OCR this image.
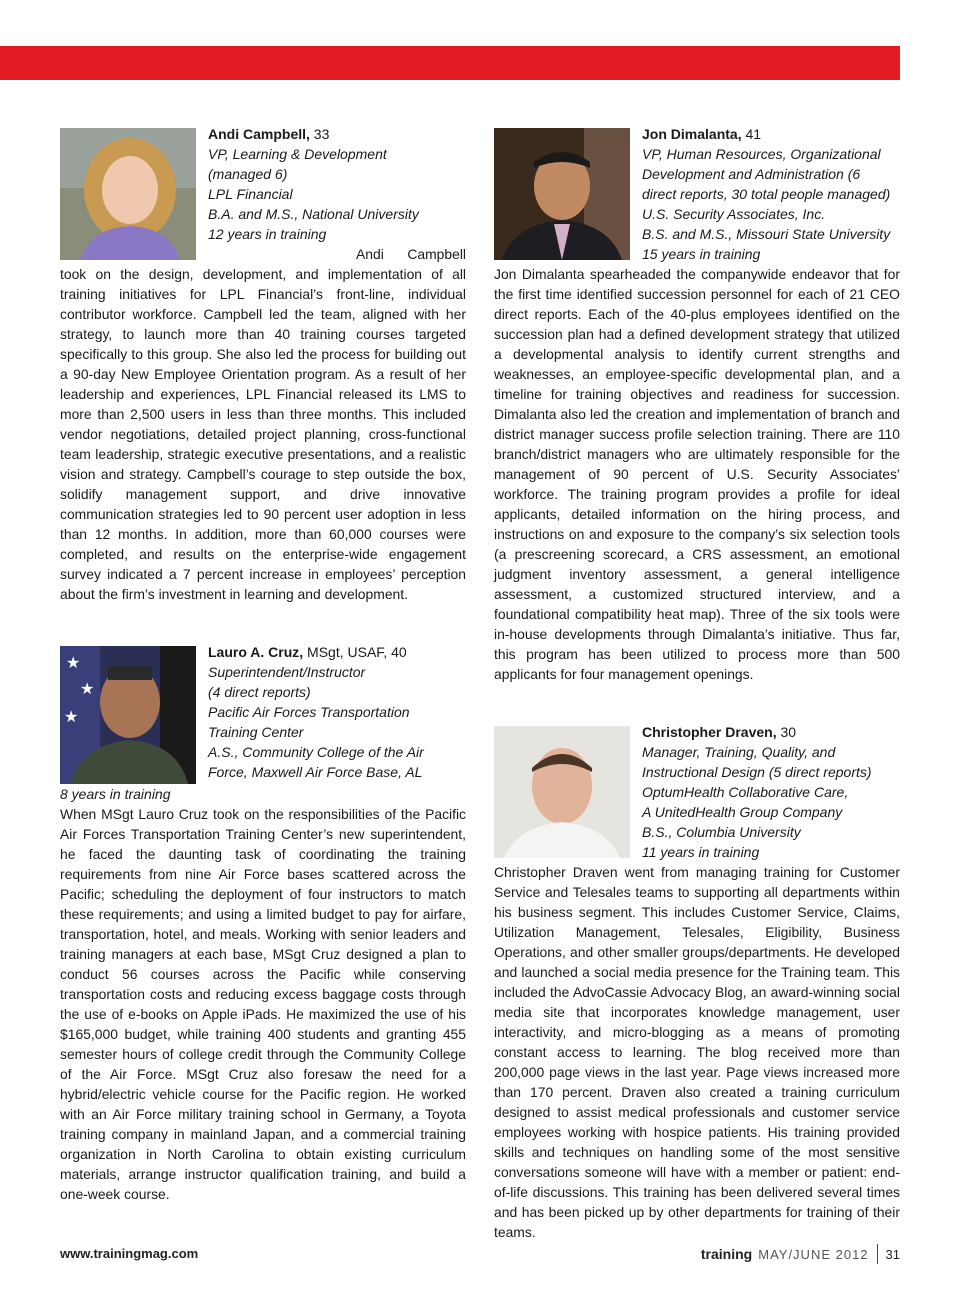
Andi Campbell, 33

VP, Learning & Development

(managed 6)

LPL Financial

B.A. and M.S., National University

12 years in training

Andi Campbell took on the design, development, and implementation of all training initiatives for LPL Financial’s front-line, individual contributor workforce. Campbell led the team, aligned with her strategy, to launch more than 40 training courses targeted specifically to this group. She also led the process for building out a 90-day New Employee Orientation program. As a result of her leadership and experiences, LPL Financial released its LMS to more than 2,500 users in less than three months. This included vendor negotiations, detailed project planning, cross-functional team leadership, strategic executive presentations, and a realistic vision and strategy. Campbell’s courage to step outside the box, solidify management support, and drive innovative communication strategies led to 90 percent user adoption in less than 12 months. In addition, more than 60,000 courses were completed, and results on the enterprise-wide engagement survey indicated a 7 percent increase in employees’ perception about the firm’s investment in learning and development.

★
★
★
Lauro A. Cruz, MSgt, USAF, 40

Superintendent/Instructor

(4 direct reports)

Pacific Air Forces Transportation

Training Center

A.S., Community College of the Air

Force, Maxwell Air Force Base, AL

8 years in training

When MSgt Lauro Cruz took on the responsibilities of the Pacific Air Forces Transportation Training Center’s new superintendent, he faced the daunting task of coordinating the training requirements from nine Air Force bases scattered across the Pacific; scheduling the deployment of four instructors to match these requirements; and using a limited budget to pay for airfare, transportation, hotel, and meals. Working with senior leaders and training managers at each base, MSgt Cruz designed a plan to conduct 56 courses across the Pacific while conserving transportation costs and reducing excess baggage costs through the use of e-books on Apple iPads. He maximized the use of his $165,000 budget, while training 400 students and granting 455 semester hours of college credit through the Community College of the Air Force. MSgt Cruz also foresaw the need for a hybrid/electric vehicle course for the Pacific region. He worked with an Air Force military training school in Germany, a Toyota training company in mainland Japan, and a commercial training organization in North Carolina to obtain existing curriculum materials, arrange instructor qualification training, and build a one-week course.

Jon Dimalanta, 41

VP, Human Resources, Organizational

Development and Administration (6

direct reports, 30 total people managed)

U.S. Security Associates, Inc.

B.S. and M.S., Missouri State University

15 years in training

Jon Dimalanta spearheaded the companywide endeavor that for the first time identified succession personnel for each of 21 CEO direct reports. Each of the 40-plus employees identified on the succession plan had a defined development strategy that utilized a developmental analysis to identify current strengths and weaknesses, an employee-specific developmental plan, and a timeline for training objectives and readiness for succession. Dimalanta also led the creation and implementation of branch and district manager success profile selection training. There are 110 branch/district managers who are ultimately responsible for the management of 90 percent of U.S. Security Associates’ workforce. The training program provides a profile for ideal applicants, detailed information on the hiring process, and instructions on and exposure to the company’s six selection tools (a prescreening scorecard, a CRS assessment, an emotional judgment inventory assessment, a general intelligence assessment, a customized structured interview, and a foundational compatibility heat map). Three of the six tools were in-house developments through Dimalanta’s initiative. Thus far, this program has been utilized to process more than 500 applicants for four management openings.

Christopher Draven, 30

Manager, Training, Quality, and

Instructional Design (5 direct reports)

OptumHealth Collaborative Care,

A UnitedHealth Group Company

B.S., Columbia University

11 years in training

Christopher Draven went from managing training for Customer Service and Telesales teams to supporting all departments within his business segment. This includes Customer Service, Claims, Utilization Management, Telesales, Eligibility, Business Operations, and other smaller groups/departments. He developed and launched a social media presence for the Training team. This included the AdvoCassie Advocacy Blog, an award-winning social media site that incorporates knowledge management, user interactivity, and micro-blogging as a means of promoting constant access to learning. The blog received more than 200,000 page views in the last year. Page views increased more than 170 percent. Draven also created a training curriculum designed to assist medical professionals and customer service employees working with hospice patients. His training provided skills and techniques on handling some of the most sensitive conversations someone will have with a member or patient: end-of-life discussions. This training has been delivered several times and has been picked up by other departments for training of their teams.

www.trainingmag.com	training MAY/JUNE 2012 31
